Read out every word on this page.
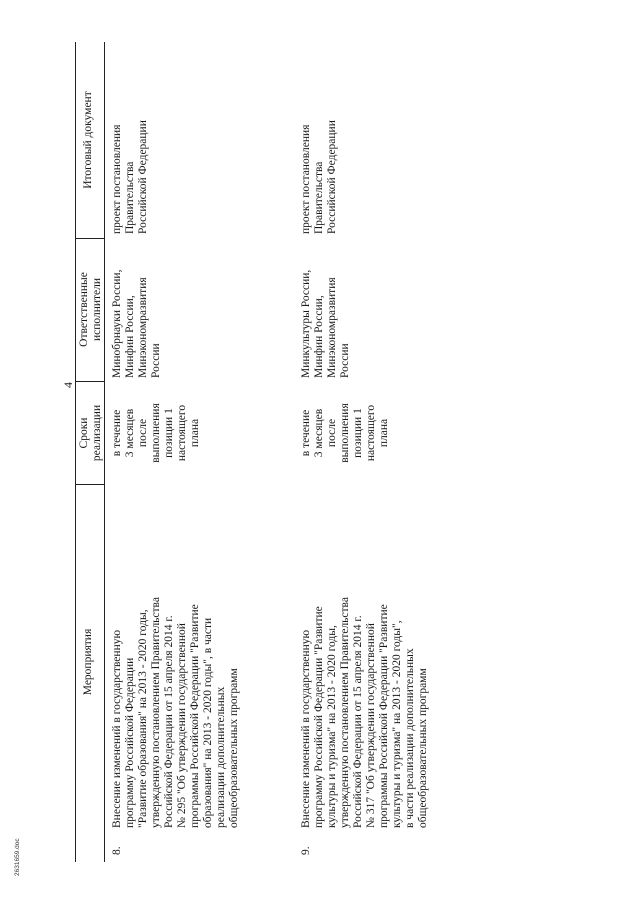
4
Мероприятия
Сроки
реализации
Ответственные
исполнители
Итоговый документ
8.
Внесение изменений в государственную
программу Российской Федерации
"Развитие образования" на 2013 - 2020 годы,
утвержденную постановлением Правительства
Российской Федерации от 15 апреля 2014 г.
№ 295 "Об утверждении государственной
программы Российской Федерации "Развитие
образования" на 2013 - 2020 годы", в части
реализации дополнительных
общеобразовательных программ
в течение
3 месяцев
после
выполнения
позиции 1
настоящего
плана
Минобрнауки России,
Минфин России,
Минэкономразвития
России
проект постановления
Правительства
Российской Федерации
9.
Внесение изменений в государственную
программу Российской Федерации "Развитие
культуры и туризма" на 2013 - 2020 годы,
утвержденную постановлением Правительства
Российской Федерации от 15 апреля 2014 г.
№ 317 "Об утверждении государственной
программы Российской Федерации "Развитие
культуры и туризма" на 2013 - 2020 годы",
в части реализации дополнительных
общеобразовательных программ
в течение
3 месяцев
после
выполнения
позиции 1
настоящего
плана
Минкультуры России,
Минфин России,
Минэкономразвития
России
проект постановления
Правительства
Российской Федерации
2631659.doc
